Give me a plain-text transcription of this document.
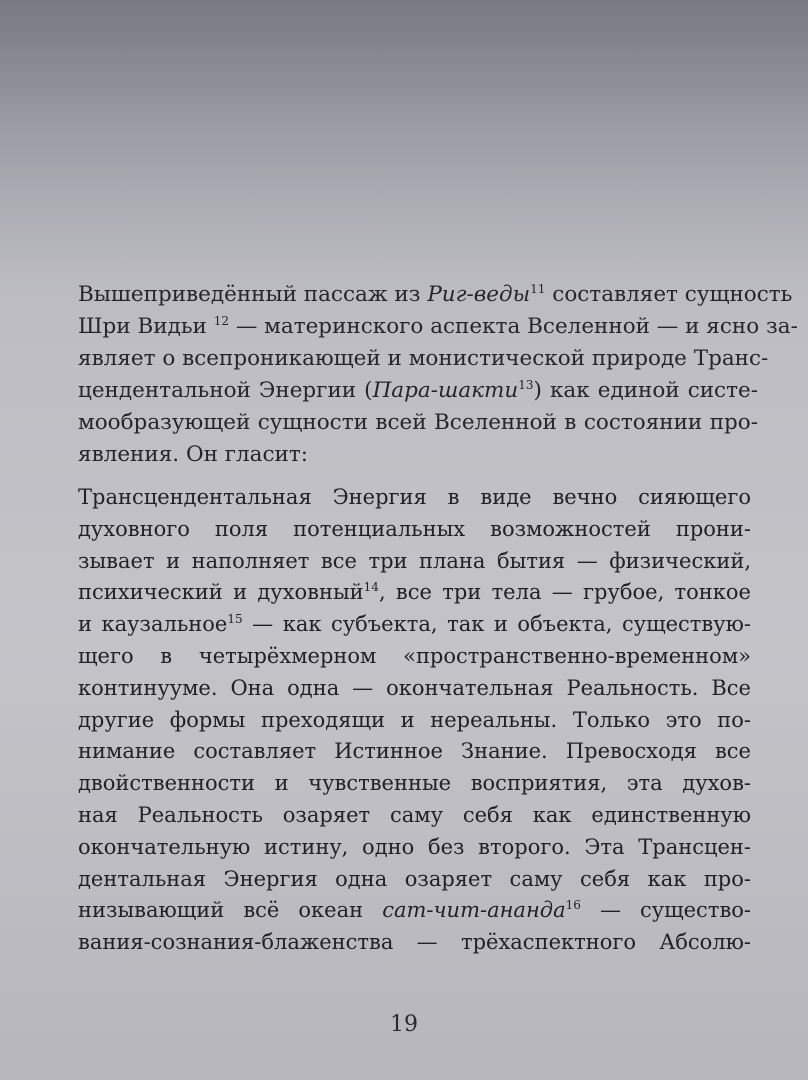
Вышеприведённый пассаж из Риг-веды$^{11}$ составляет сущность
Шри Видьи $^{12}$ — материнского аспекта Вселенной — и ясно за-
являет о всепроникающей и монистической природе Транс-
цендентальной Энергии (Пара-шакти$^{13}$) как единой систе-
мообразующей сущности всей Вселенной в состоянии про-
явления. Он гласит:

Трансцендентальная Энергия в виде вечно сияющего
духовного поля потенциальных возможностей прони-
зывает и наполняет все три плана бытия — физический,
психический и духовный$^{14}$, все три тела — грубое, тонкое
и каузальное$^{15}$ — как субъекта, так и объекта, существую-
щего в четырёхмерном «пространственно-временном»
континууме. Она одна — окончательная Реальность. Все
другие формы преходящи и нереальны. Только это по-
нимание составляет Истинное Знание. Превосходя все
двойственности и чувственные восприятия, эта духов-
ная Реальность озаряет саму себя как единственную
окончательную истину, одно без второго. Эта Трансцен-
дентальная Энергия одна озаряет саму себя как про-
низывающий всё океан сат-чит-ананда$^{16}$ — существо-
вания-сознания-блаженства — трёхаспектного Абсолю-
19
